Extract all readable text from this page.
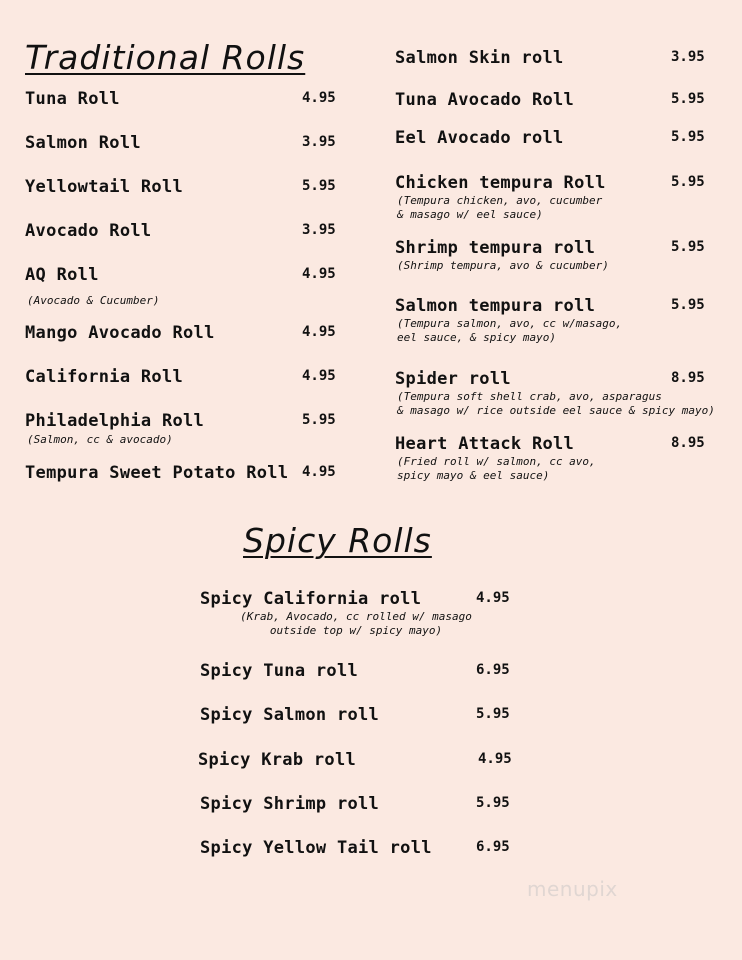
Traditional Rolls
Tuna Roll	4.95
Salmon Roll	3.95
Yellowtail Roll	5.95
Avocado Roll	3.95
AQ Roll	4.95
(Avocado & Cucumber)
Mango Avocado Roll	4.95
California Roll	4.95
Philadelphia Roll	5.95
(Salmon, cc & avocado)
Tempura Sweet Potato Roll 4.95
Salmon Skin roll	3.95
Tuna Avocado Roll	5.95
Eel Avocado roll	5.95
Chicken tempura Roll	5.95
(Tempura chicken, avo, cucumber
& masago w/ eel sauce)
Shrimp tempura roll	5.95
(Shrimp tempura, avo & cucumber)
Salmon tempura roll	5.95
(Tempura salmon, avo, cc w/masago,
eel sauce, & spicy mayo)
Spider roll	8.95
(Tempura soft shell crab, avo, asparagus
& masago w/ rice outside eel sauce & spicy mayo)
Heart Attack Roll	8.95
(Fried roll w/ salmon, cc avo,
spicy mayo & eel sauce)
Spicy Rolls
Spicy California roll	4.95
(Krab, Avocado, cc rolled w/ masago
outside top w/ spicy mayo)
Spicy Tuna roll	6.95
Spicy Salmon roll	5.95
Spicy Krab roll	4.95
Spicy Shrimp roll	5.95
Spicy Yellow Tail roll	6.95
menupix
